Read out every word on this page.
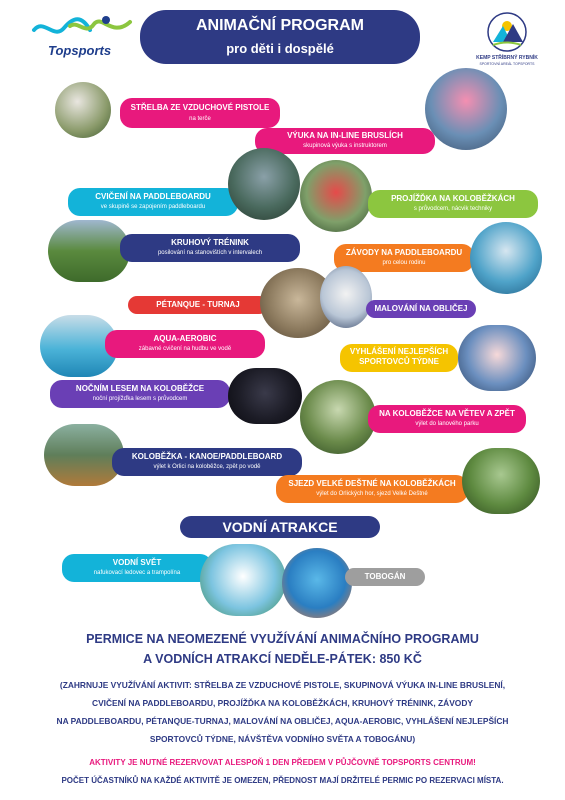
Topsports
ANIMAČNÍ PROGRAM
pro děti i dospělé
KEMP STŘÍBRNÝ RYBNÍK
SPORTOVNÍ AREÁL TOPSPORTS
STŘELBA ZE VZDUCHOVÉ PISTOLE
na terče
VÝUKA NA IN-LINE BRUSLÍCH
skupinová výuka s instruktorem
CVIČENÍ NA PADDLEBOARDU
ve skupině se zapojením paddleboardu
PROJÍŽĎKA NA KOLOBĚŽKÁCH
s průvodcem, nácvik techniky
KRUHOVÝ TRÉNINK
posilování na stanovištích v intervalech	ZÁVODY NA PADDLEBOARDU
pro celou rodinu
PÉTANQUE - TURNAJ	MALOVÁNÍ NA OBLIČEJ
AQUA-AEROBIC
zábavné cvičení na hudbu ve vodě	VYHLÁŠENÍ NEJLEPŠÍCH SPORTOVCŮ TÝDNE
NOČNÍM LESEM NA KOLOBĚŽCE
noční projížďka lesem s průvodcem
NA KOLOBĚŽCE NA VĚTEV A ZPĚT
výlet do lanového parku
KOLOBĚŽKA - KANOE/PADDLEBOARD
výlet k Orlici na koloběžce, zpět po vodě
SJEZD VELKÉ DEŠTNÉ NA KOLOBĚŽKÁCH
výlet do Orlických hor, sjezd Velké Deštné
VODNÍ ATRAKCE
VODNÍ SVĚT
nafukovací ledovec a trampolína	TOBOGÁN
PERMICE NA NEOMEZENÉ VYUŽÍVÁNÍ ANIMAČNÍHO PROGRAMU
A VODNÍCH ATRAKCÍ NEDĚLE-PÁTEK: 850 KČ
(ZAHRNUJE VYUŽÍVÁNÍ AKTIVIT: STŘELBA ZE VZDUCHOVÉ PISTOLE, SKUPINOVÁ VÝUKA IN-LINE BRUSLENÍ,
CVIČENÍ NA PADDLEBOARDU, PROJÍŽĎKA NA KOLOBĚŽKÁCH, KRUHOVÝ TRÉNINK, ZÁVODY
NA PADDLEBOARDU, PÉTANQUE-TURNAJ, MALOVÁNÍ NA OBLIČEJ, AQUA-AEROBIC, VYHLÁŠENÍ NEJLEPŠÍCH
SPORTOVCŮ TÝDNE, NÁVŠTĚVA VODNÍHO SVĚTA A TOBOGÁNU)
AKTIVITY JE NUTNÉ REZERVOVAT ALESPOŇ 1 DEN PŘEDEM V PŮJČOVNĚ TOPSPORTS CENTRUM!
POČET ÚČASTNÍKŮ NA KAŽDÉ AKTIVITĚ JE OMEZEN, PŘEDNOST MAJÍ DRŽITELÉ PERMIC PO REZERVACI MÍSTA.
